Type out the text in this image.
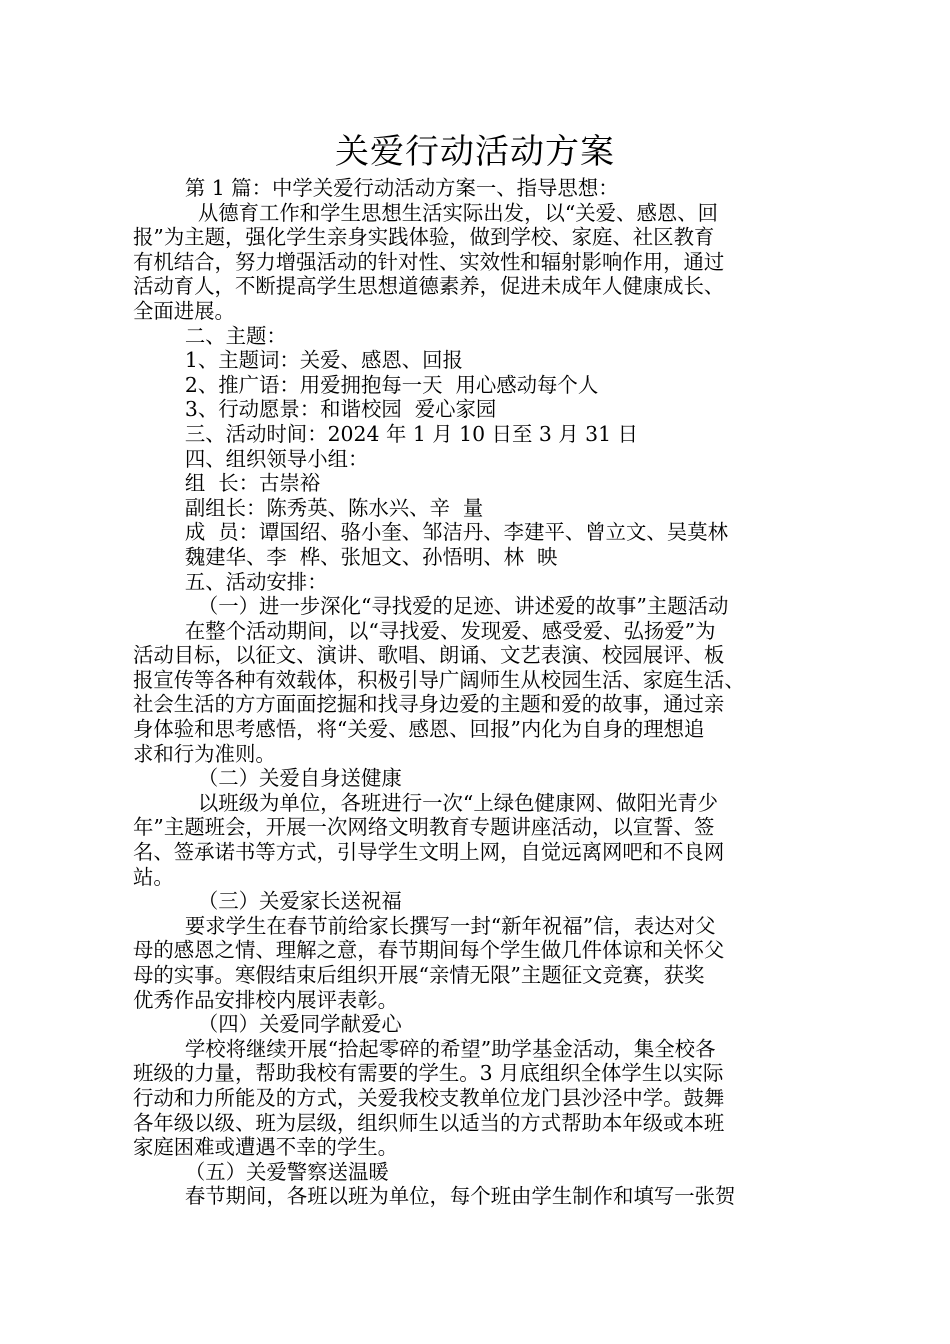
关爱行动活动方案
第 1 篇：中学关爱行动活动方案一、指导思想：
从德育工作和学生思想生活实际出发，以“关爱、感恩、回
报”为主题，强化学生亲身实践体验，做到学校、家庭、社区教育
有机结合，努力增强活动的针对性、实效性和辐射影响作用，通过
活动育人，不断提高学生思想道德素养，促进未成年人健康成长、
全面进展。
二、主题：
1、主题词：关爱、感恩、回报
2、推广语：用爱拥抱每一天  用心感动每个人
3、行动愿景：和谐校园  爱心家园
三、活动时间：2024 年 1 月 10 日至 3 月 31 日
四、组织领导小组：
组  长：古崇裕
副组长：陈秀英、陈水兴、辛  量
成  员：谭国绍、骆小奎、邹洁丹、李建平、曾立文、吴莫林
魏建华、李  桦、张旭文、孙悟明、林  映
五、活动安排：
（一）进一步深化“寻找爱的足迹、讲述爱的故事”主题活动
在整个活动期间，以“寻找爱、发现爱、感受爱、弘扬爱”为
活动目标，以征文、演讲、歌唱、朗诵、文艺表演、校园展评、板
报宣传等各种有效载体，积极引导广阔师生从校园生活、家庭生活、
社会生活的方方面面挖掘和找寻身边爱的主题和爱的故事，通过亲
身体验和思考感悟，将“关爱、感恩、回报”内化为自身的理想追
求和行为准则。
（二）关爱自身送健康
以班级为单位，各班进行一次“上绿色健康网、做阳光青少
年”主题班会，开展一次网络文明教育专题讲座活动，以宣誓、签
名、签承诺书等方式，引导学生文明上网，自觉远离网吧和不良网
站。
（三）关爱家长送祝福
要求学生在春节前给家长撰写一封“新年祝福”信，表达对父
母的感恩之情、理解之意，春节期间每个学生做几件体谅和关怀父
母的实事。寒假结束后组织开展“亲情无限”主题征文竞赛，获奖
优秀作品安排校内展评表彰。
（四）关爱同学献爱心
学校将继续开展“拾起零碎的希望”助学基金活动，集全校各
班级的力量，帮助我校有需要的学生。3 月底组织全体学生以实际
行动和力所能及的方式，关爱我校支教单位龙门县沙泾中学。鼓舞
各年级以级、班为层级，组织师生以适当的方式帮助本年级或本班
家庭困难或遭遇不幸的学生。
（五）关爱警察送温暖
春节期间，各班以班为单位，每个班由学生制作和填写一张贺
